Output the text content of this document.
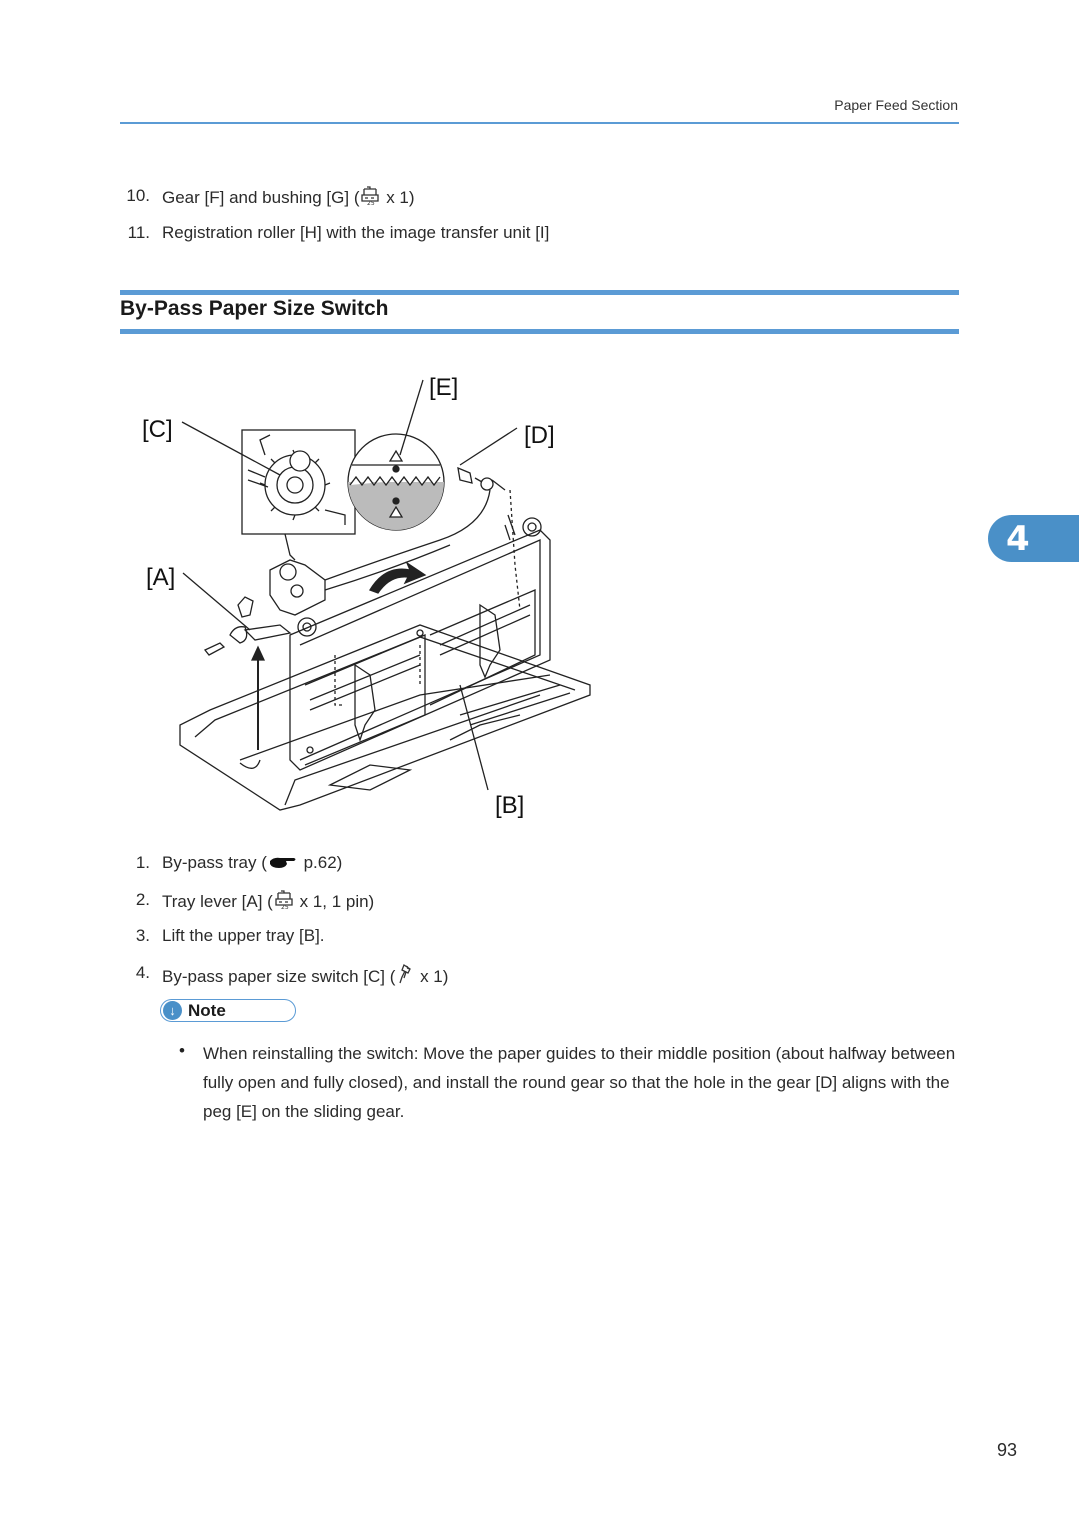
Paper Feed Section
10. Gear [F] and bushing [G] ( 25 x 1)
11. Registration roller [H] with the image transfer unit [I]
By-Pass Paper Size Switch
[C]
[E]
[D]
[A]
[B]
1. By-pass tray ( p.62)
2. Tray lever [A] ( 25 x 1, 1 pin)
3. Lift the upper tray [B].
4. By-pass paper size switch [C] ( x 1)
↓ Note
• When reinstalling the switch: Move the paper guides to their middle position (about halfway between fully open and fully closed), and install the round gear so that the hole in the gear [D] aligns with the peg [E] on the sliding gear.
4
93
